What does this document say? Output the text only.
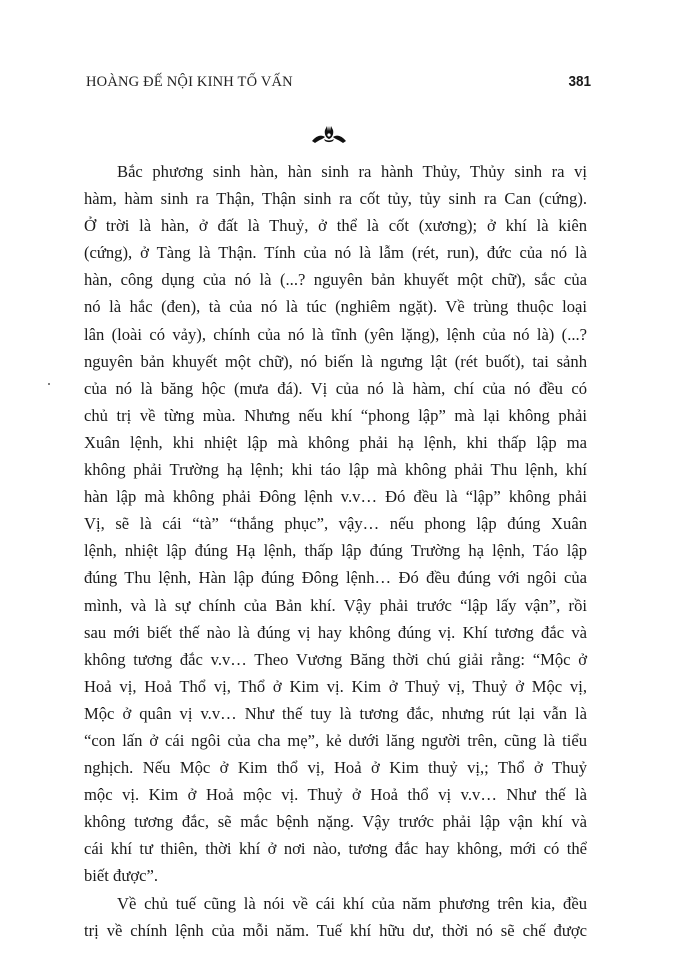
HOÀNG ĐẾ NỘI KINH TỐ VẤN	381
Bắc phương sinh hàn, hàn sinh ra hành Thủy, Thủy sinh ra vị
hàm, hàm sinh ra Thận, Thận sinh ra cốt tủy, tủy sinh ra Can (cứng).
Ở trời là hàn, ở đất là Thuỷ, ở thể là cốt (xương); ở khí là kiên
(cứng), ở Tàng là Thận. Tính của nó là lẫm (rét, run), đức của nó là
hàn, công dụng của nó là (...? nguyên bản khuyết một chữ), sắc của
nó là hắc (đen), tà của nó là túc (nghiêm ngặt). Về trùng thuộc loại
lân (loài có vảy), chính của nó là tĩnh (yên lặng), lệnh của nó là) (...?
nguyên bản khuyết một chữ), nó biến là ngưng lật (rét buốt), tai sảnh
của nó là băng hộc (mưa đá). Vị của nó là hàm, chí của nó đều có
chủ trị về từng mùa. Nhưng nếu khí “phong lập” mà lại không phải
Xuân lệnh, khi nhiệt lập mà không phải hạ lệnh, khi thấp lập ma
không phải Trường hạ lệnh; khi táo lập mà không phải Thu lệnh, khí
hàn lập mà không phải Đông lệnh v.v… Đó đều là “lập” không phải
Vị, sẽ là cái “tà” “thắng phục”, vậy… nếu phong lập đúng Xuân
lệnh, nhiệt lập đúng Hạ lệnh, thấp lập đúng Trường hạ lệnh, Táo lập
đúng Thu lệnh, Hàn lập đúng Đông lệnh… Đó đều đúng với ngôi của
mình, và là sự chính của Bản khí. Vậy phải trước “lập lấy vận”, rồi
sau mới biết thế nào là đúng vị hay không đúng vị. Khí tương đắc và
không tương đắc v.v… Theo Vương Băng thời chú giải rằng: “Mộc ở
Hoả vị, Hoả Thổ vị, Thổ ở Kim vị. Kim ở Thuỷ vị, Thuỷ ở Mộc vị,
Mộc ở quân vị v.v… Như thế tuy là tương đắc, nhưng rút lại vẫn là
“con lấn ở cái ngôi của cha mẹ”, kẻ dưới lăng người trên, cũng là tiểu
nghịch. Nếu Mộc ở Kim thổ vị, Hoả ở Kim thuỷ vị,; Thổ ở Thuỷ
mộc vị. Kim ở Hoả mộc vị. Thuỷ ở Hoả thổ vị v.v… Như thế là
không tương đắc, sẽ mắc bệnh nặng. Vậy trước phải lập vận khí và
cái khí tư thiên, thời khí ở nơi nào, tương đắc hay không, mới có thể
biết được”.
Về chủ tuế cũng là nói về cái khí của năm phương trên kia, đều
trị về chính lệnh của mỗi năm. Tuế khí hữu dư, thời nó sẽ chế được
